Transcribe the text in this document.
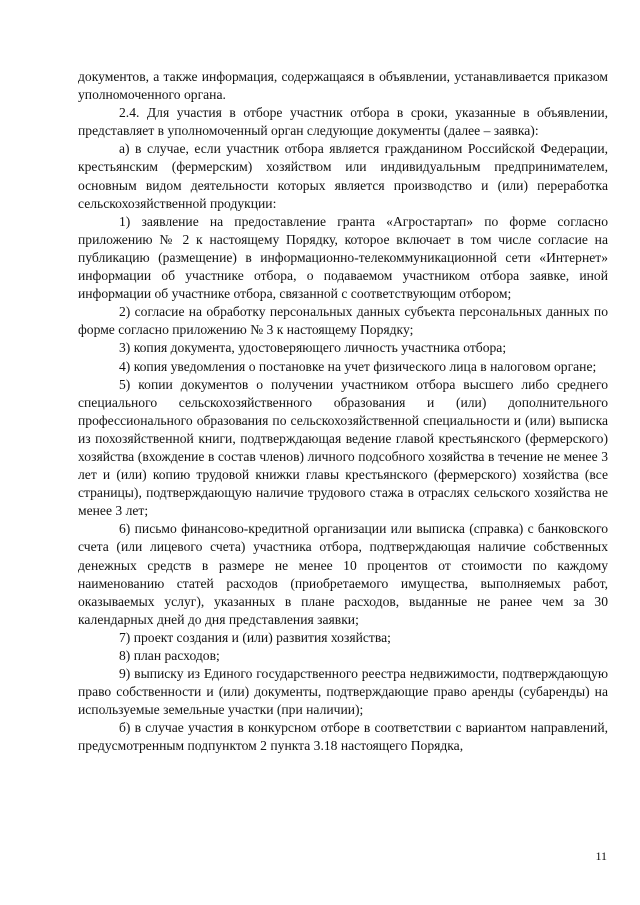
документов, а также информация, содержащаяся в объявлении, устанавливается приказом уполномоченного органа.

2.4. Для участия в отборе участник отбора в сроки, указанные в объявлении, представляет в уполномоченный орган следующие документы (далее – заявка):

а) в случае, если участник отбора является гражданином Российской Федерации, крестьянским (фермерским) хозяйством или индивидуальным предпринимателем, основным видом деятельности которых является производство и (или) переработка сельскохозяйственной продукции:

1) заявление на предоставление гранта «Агростартап» по форме согласно приложению № 2 к настоящему Порядку, которое включает в том числе согласие на публикацию (размещение) в информационно-телекоммуникационной сети «Интернет» информации об участнике отбора, о подаваемом участником отбора заявке, иной информации об участнике отбора, связанной с соответствующим отбором;

2) согласие на обработку персональных данных субъекта персональных данных по форме согласно приложению № 3 к настоящему Порядку;

3) копия документа, удостоверяющего личность участника отбора;

4) копия уведомления о постановке на учет физического лица в налоговом органе;

5) копии документов о получении участником отбора высшего либо среднего специального сельскохозяйственного образования и (или) дополнительного профессионального образования по сельскохозяйственной специальности и (или) выписка из похозяйственной книги, подтверждающая ведение главой крестьянского (фермерского) хозяйства (вхождение в состав членов) личного подсобного хозяйства в течение не менее 3 лет и (или) копию трудовой книжки главы крестьянского (фермерского) хозяйства (все страницы), подтверждающую наличие трудового стажа в отраслях сельского хозяйства не менее 3 лет;

6) письмо финансово-кредитной организации или выписка (справка) с банковского счета (или лицевого счета) участника отбора, подтверждающая наличие собственных денежных средств в размере не менее 10 процентов от стоимости по каждому наименованию статей расходов (приобретаемого имущества, выполняемых работ, оказываемых услуг), указанных в плане расходов, выданные не ранее чем за 30 календарных дней до дня представления заявки;

7) проект создания и (или) развития хозяйства;

8) план расходов;

9) выписку из Единого государственного реестра недвижимости, подтверждающую право собственности и (или) документы, подтверждающие право аренды (субаренды) на используемые земельные участки (при наличии);

б) в случае участия в конкурсном отборе в соответствии с вариантом направлений, предусмотренным подпунктом 2 пункта 3.18 настоящего Порядка,

11
